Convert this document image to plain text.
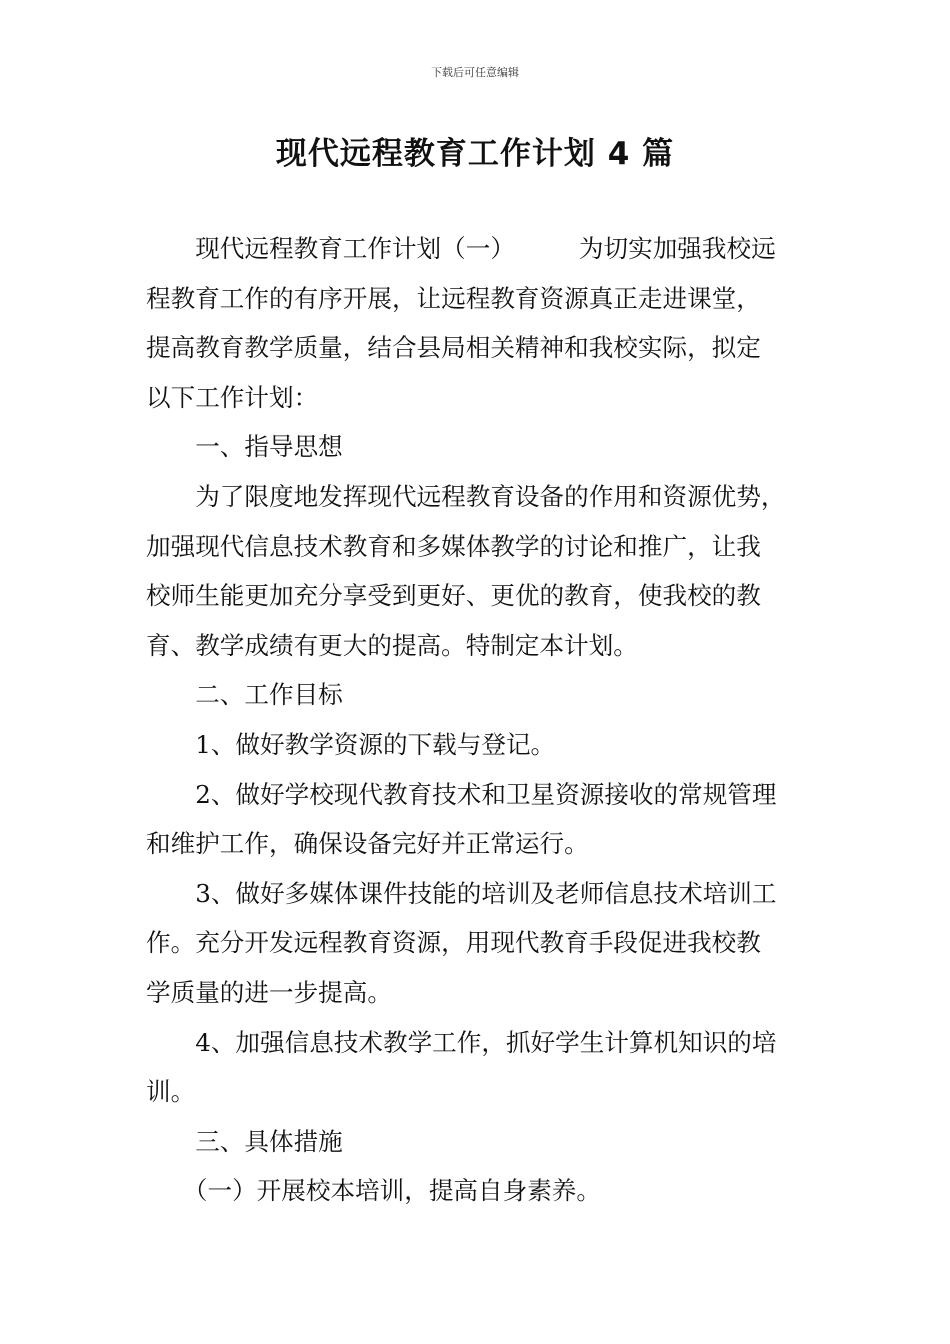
下载后可任意编辑
现代远程教育工作计划 4 篇

现代远程教育工作计划（一）	为切实加强我校远

程教育工作的有序开展，让远程教育资源真正走进课堂，

提高教育教学质量，结合县局相关精神和我校实际，拟定

以下工作计划：

一、指导思想

为了限度地发挥现代远程教育设备的作用和资源优势，

加强现代信息技术教育和多媒体教学的讨论和推广，让我

校师生能更加充分享受到更好、更优的教育，使我校的教

育、教学成绩有更大的提高。特制定本计划。

二、工作目标

1、做好教学资源的下载与登记。

2、做好学校现代教育技术和卫星资源接收的常规管理

和维护工作，确保设备完好并正常运行。

3、做好多媒体课件技能的培训及老师信息技术培训工

作。充分开发远程教育资源，用现代教育手段促进我校教

学质量的进一步提高。

4、加强信息技术教学工作，抓好学生计算机知识的培

训。

三、具体措施

（一）开展校本培训，提高自身素养。
